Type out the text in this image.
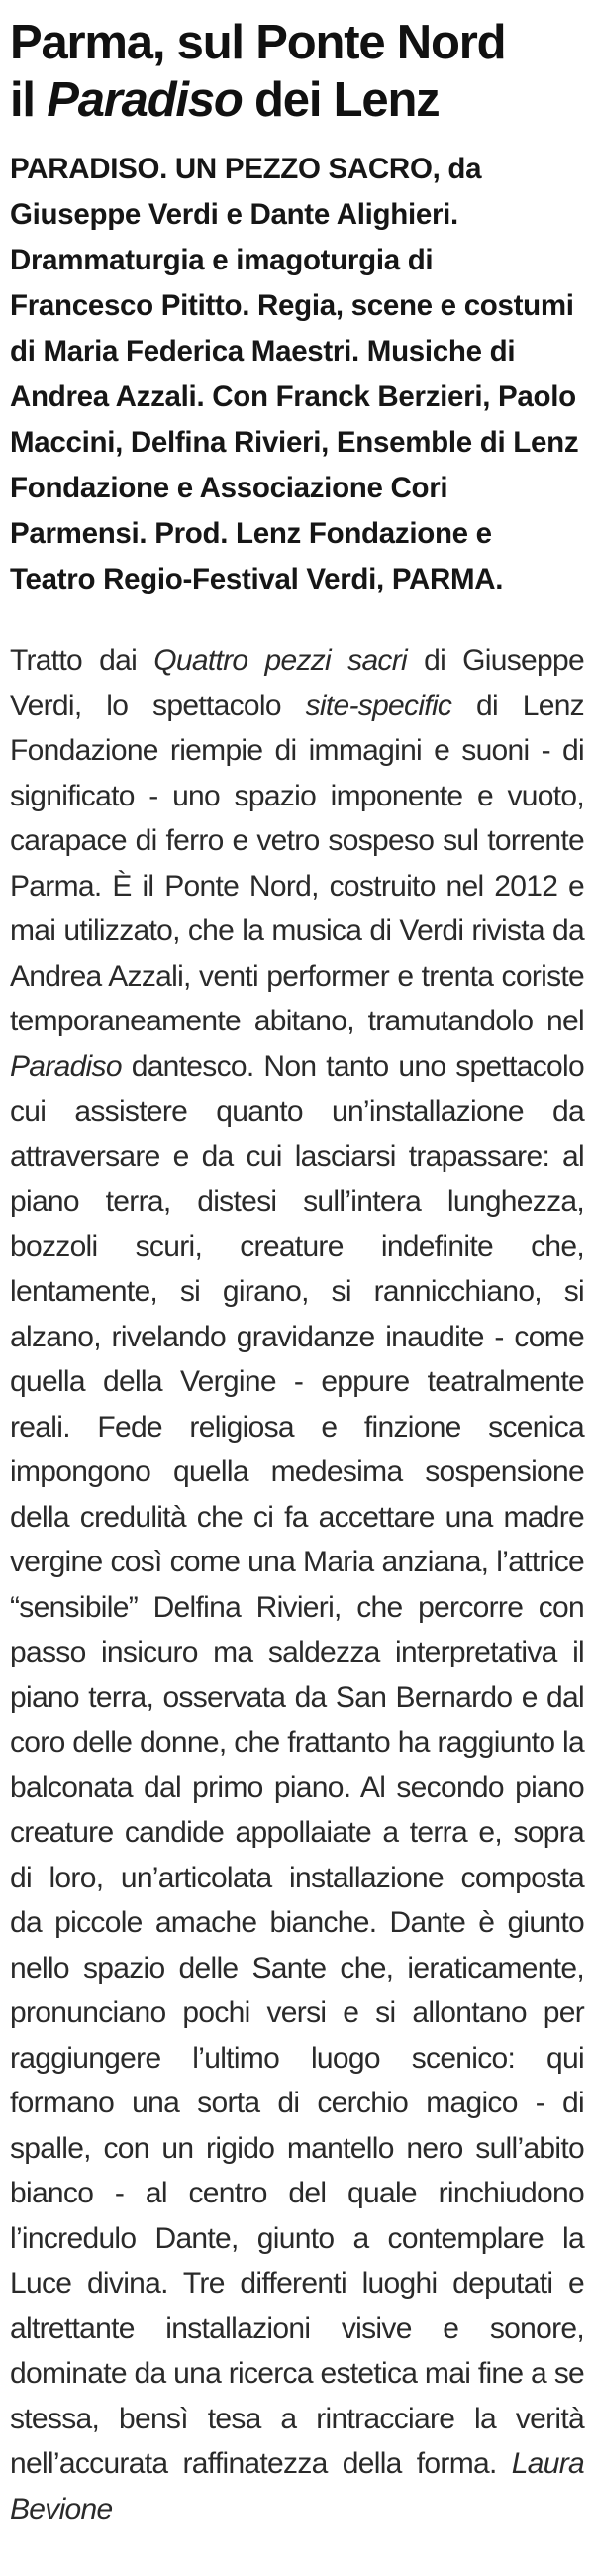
Parma, sul Ponte Nord
il Paradiso dei Lenz

PARADISO. UN PEZZO SACRO, da Giuseppe Verdi e Dante Alighieri. Drammaturgia e imagoturgia di Francesco Pititto. Regia, scene e costumi di Maria Federica Maestri. Musiche di Andrea Azzali. Con Franck Berzieri, Paolo Maccini, Delfina Rivieri, Ensemble di Lenz Fondazione e Associazione Cori Parmensi. Prod. Lenz Fondazione e Teatro Regio-Festival Verdi, PARMA.

Tratto dai Quattro pezzi sacri di Giuseppe Verdi, lo spettacolo site-specific di Lenz Fondazione riempie di immagini e suoni - di significato - uno spazio imponente e vuoto, carapace di ferro e vetro sospeso sul torrente Parma. È il Ponte Nord, costruito nel 2012 e mai utilizzato, che la musica di Verdi rivista da Andrea Azzali, venti performer e trenta coriste temporaneamente abitano, tramutandolo nel Paradiso dantesco. Non tanto uno spettacolo cui assistere quanto un’installazione da attraversare e da cui lasciarsi trapassare: al piano terra, distesi sull’intera lunghezza, bozzoli scuri, creature indefinite che, lentamente, si girano, si rannicchiano, si alzano, rivelando gravidanze inaudite - come quella della Vergine - eppure teatralmente reali. Fede religiosa e finzione scenica impongono quella medesima sospensione della credulità che ci fa accettare una madre vergine così come una Maria anziana, l’attrice “sensibile” Delfina Rivieri, che percorre con passo insicuro ma saldezza interpretativa il piano terra, osservata da San Bernardo e dal coro delle donne, che frattanto ha raggiunto la balconata dal primo piano. Al secondo piano creature candide appollaiate a terra e, sopra di loro, un’articolata installazione composta da piccole amache bianche. Dante è giunto nello spazio delle Sante che, ieraticamente, pronunciano pochi versi e si allontano per raggiungere l’ultimo luogo scenico: qui formano una sorta di cerchio magico - di spalle, con un rigido mantello nero sull’abito bianco - al centro del quale rinchiudono l’incredulo Dante, giunto a contemplare la Luce divina. Tre differenti luoghi deputati e altrettante installazioni visive e sonore, dominate da una ricerca estetica mai fine a se stessa, bensì tesa a rintracciare la verità nell’accurata raffinatezza della forma. Laura Bevione
